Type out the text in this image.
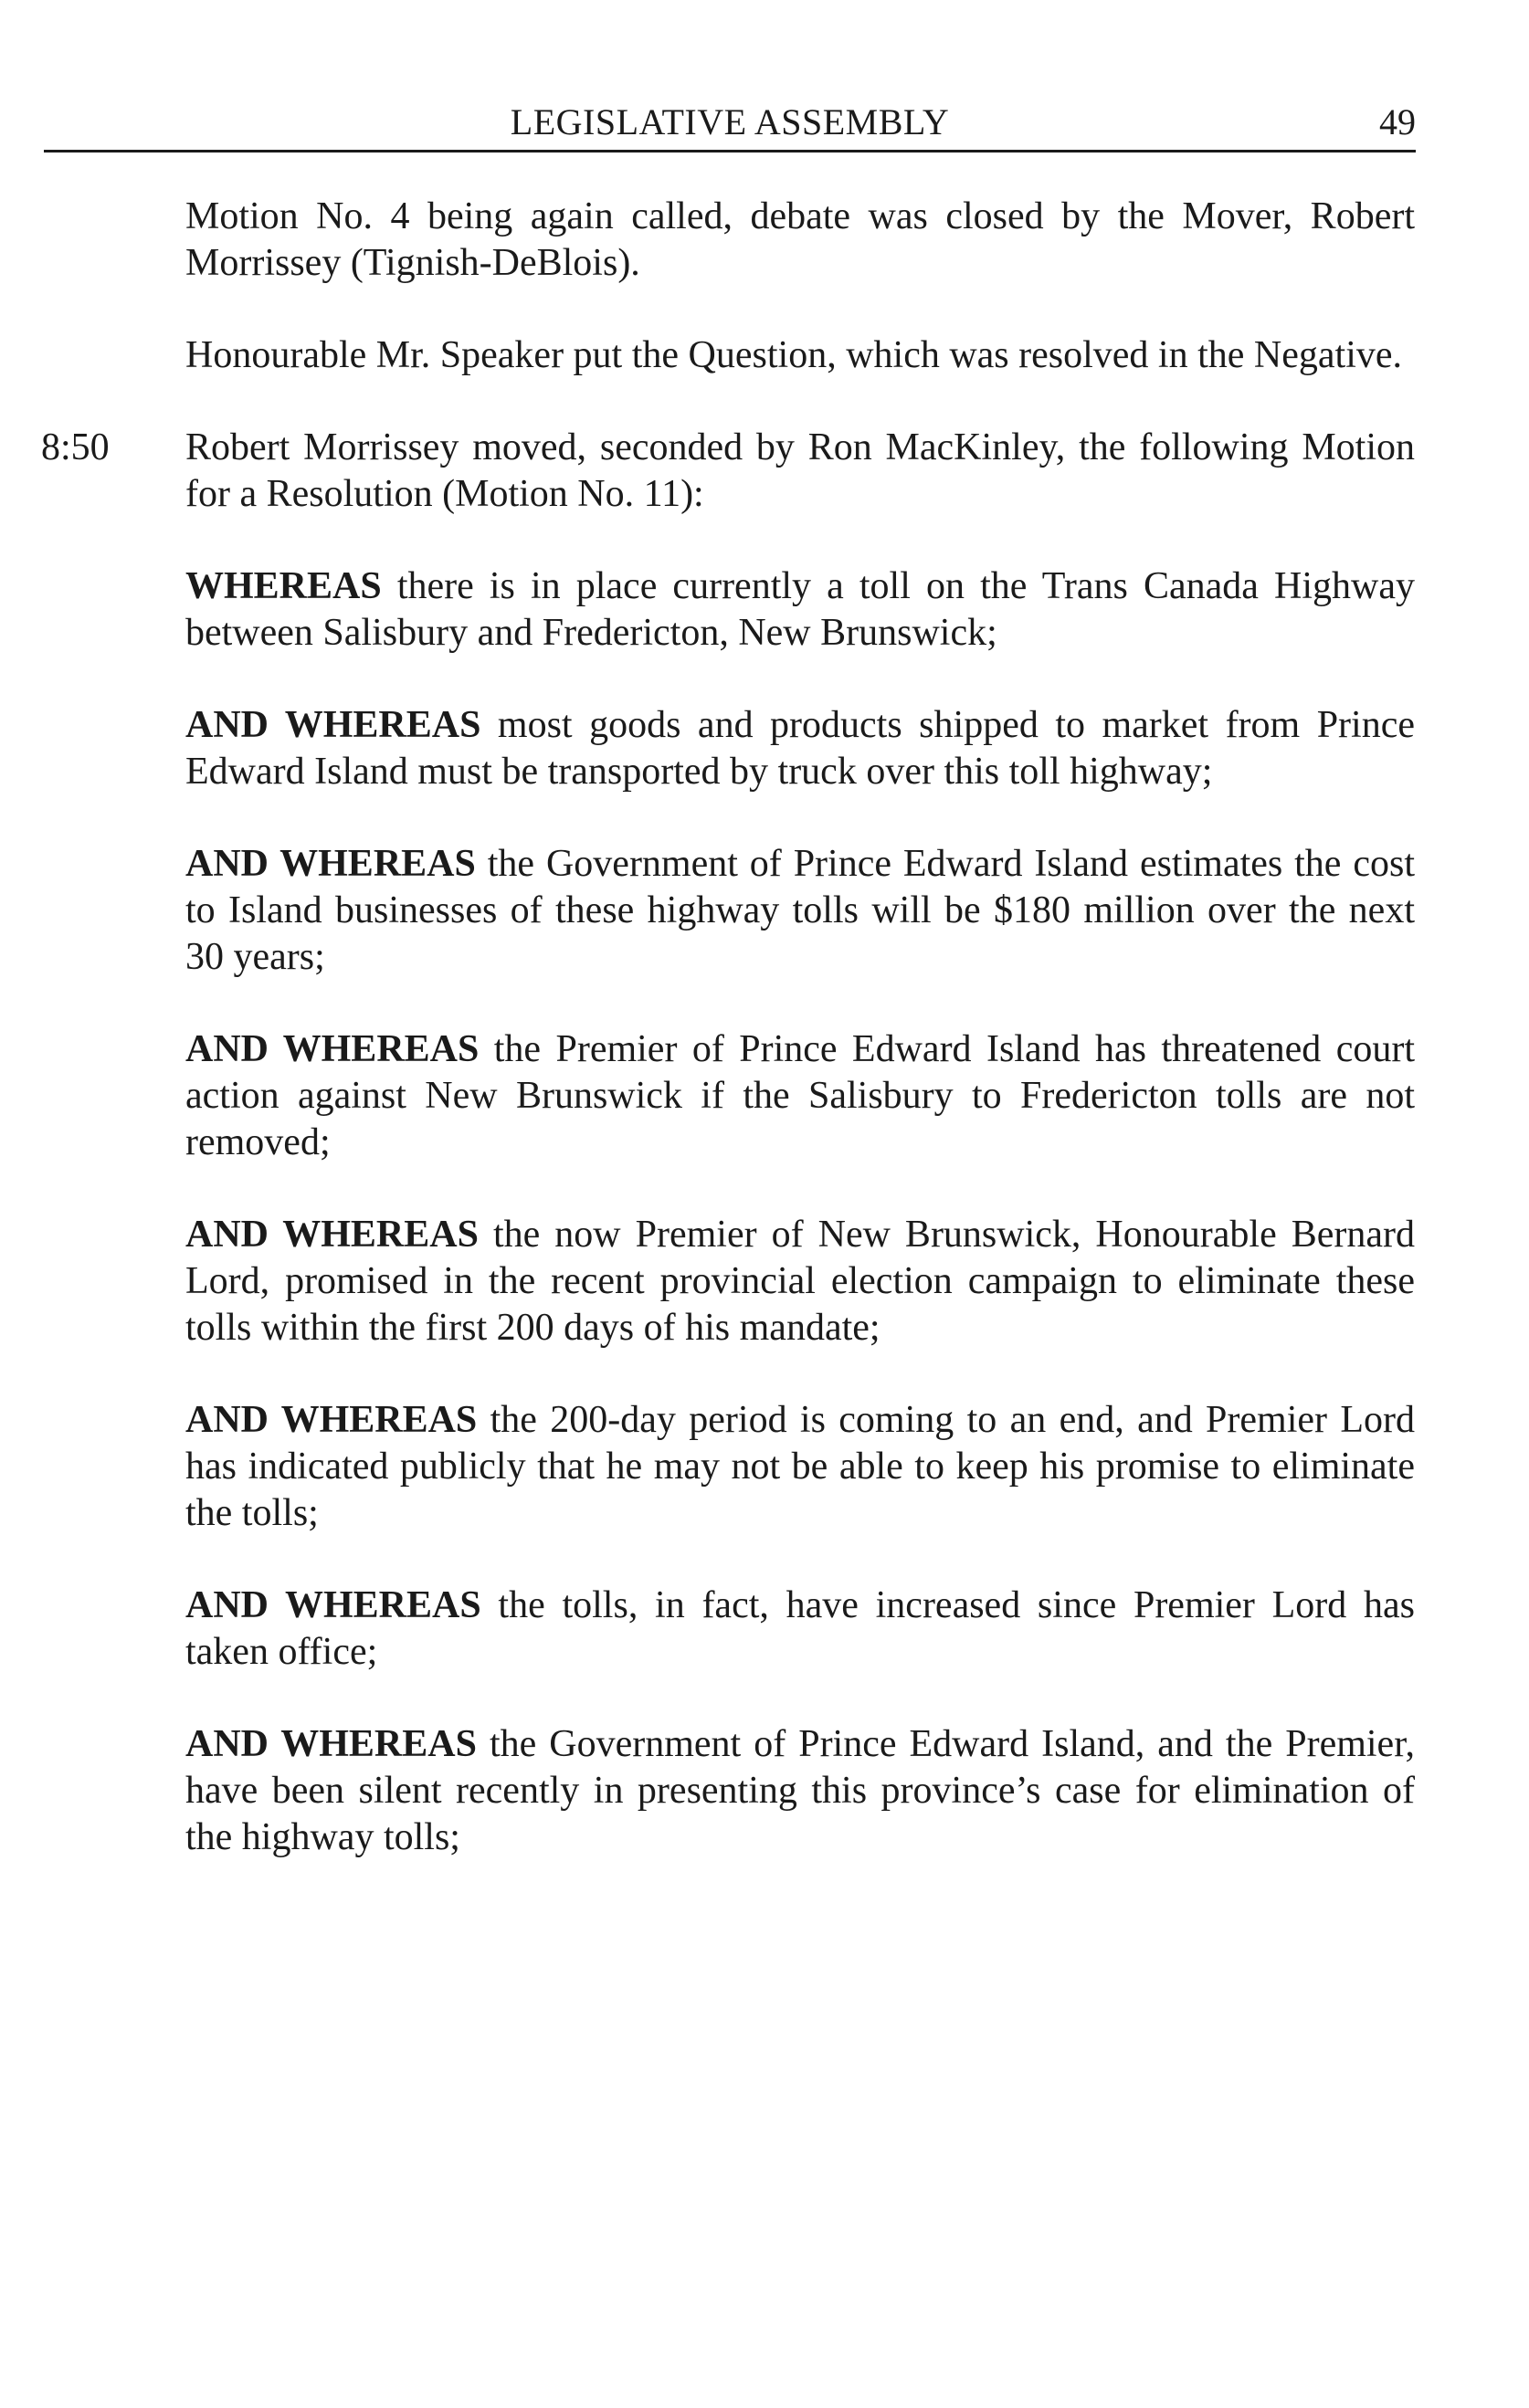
LEGISLATIVE ASSEMBLY	49

Motion No. 4 being again called, debate was closed by the Mover, Robert Morrissey (Tignish-DeBlois).

Honourable Mr. Speaker put the Question, which was resolved in the Negative.

8:50 Robert Morrissey moved, seconded by Ron MacKinley, the following Motion for a Resolution (Motion No. 11):

WHEREAS there is in place currently a toll on the Trans Canada Highway between Salisbury and Fredericton, New Brunswick;

AND WHEREAS most goods and products shipped to market from Prince Edward Island must be transported by truck over this toll highway;

AND WHEREAS the Government of Prince Edward Island estimates the cost to Island businesses of these highway tolls will be $180 million over the next 30 years;

AND WHEREAS the Premier of Prince Edward Island has threatened court action against New Brunswick if the Salisbury to Fredericton tolls are not removed;

AND WHEREAS the now Premier of New Brunswick, Honourable Bernard Lord, promised in the recent provincial election campaign to eliminate these tolls within the first 200 days of his mandate;

AND WHEREAS the 200-day period is coming to an end, and Premier Lord has indicated publicly that he may not be able to keep his promise to eliminate the tolls;

AND WHEREAS the tolls, in fact, have increased since Premier Lord has taken office;

AND WHEREAS the Government of Prince Edward Island, and the Premier, have been silent recently in presenting this province’s case for elimination of the highway tolls;
